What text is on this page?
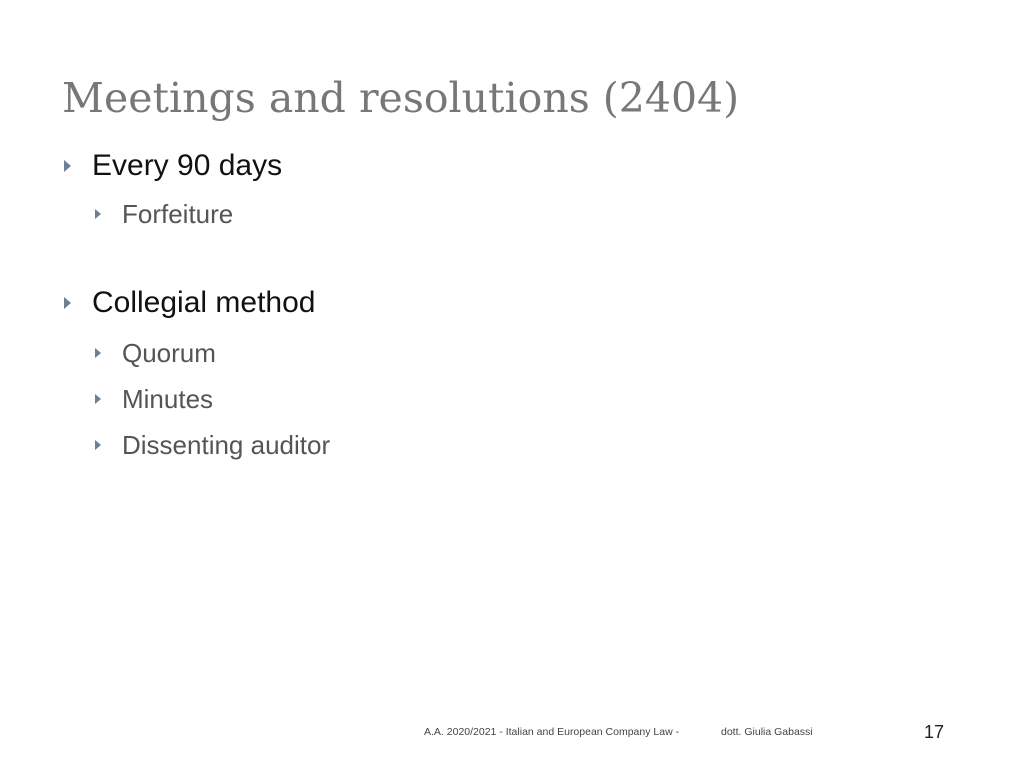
Meetings and resolutions (2404)
Every 90 days
Forfeiture
Collegial method
Quorum
Minutes
Dissenting auditor
A.A. 2020/2021 - Italian and European Company Law -	dott. Giulia Gabassi	17
